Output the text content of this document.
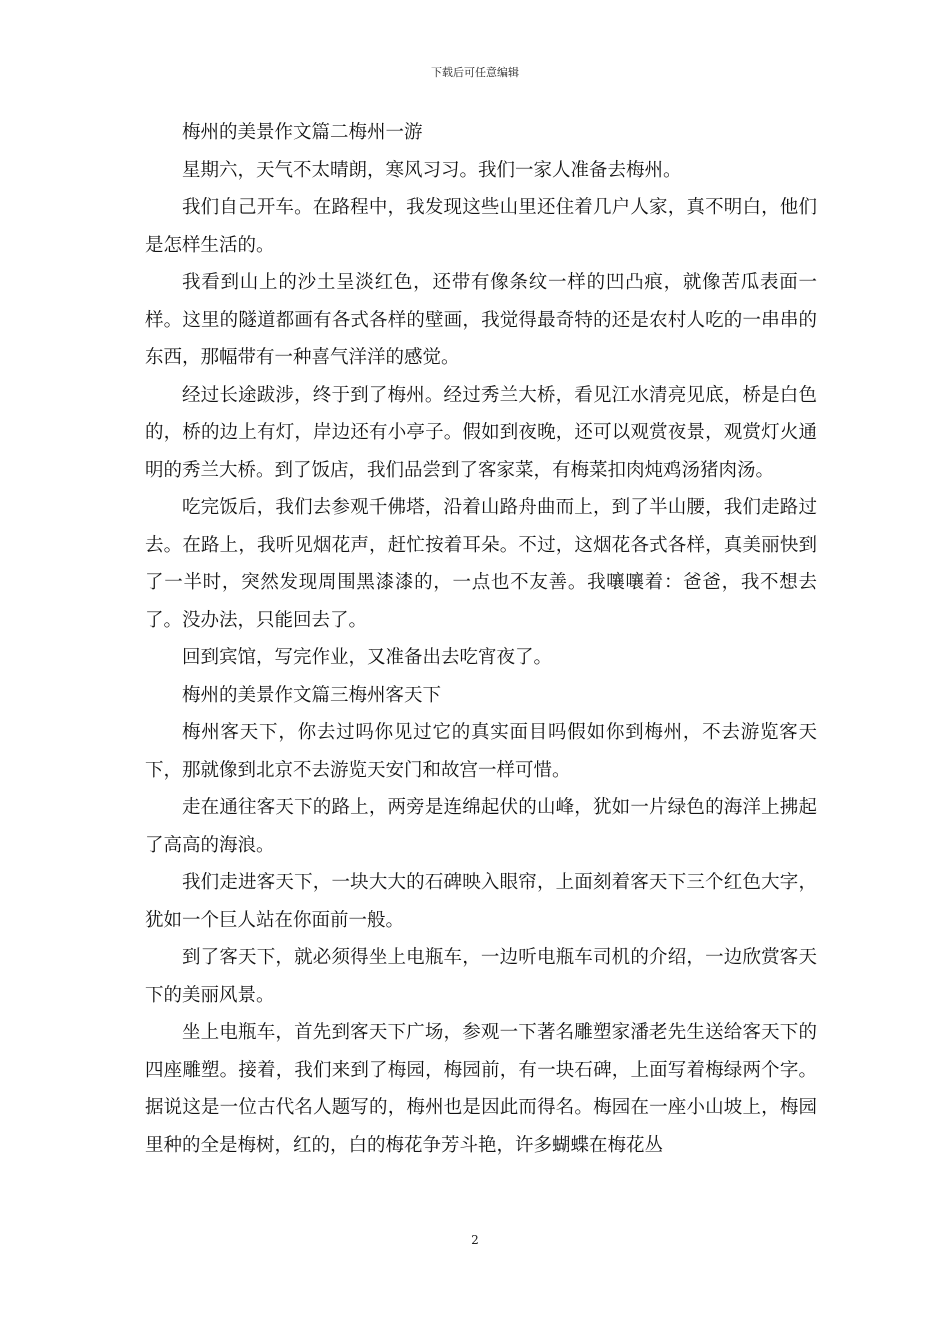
下载后可任意编辑

梅州的美景作文篇二梅州一游

星期六，天气不太晴朗，寒风习习。我们一家人准备去梅州。

我们自己开车。在路程中，我发现这些山里还住着几户人家，真不明白，他们是怎样生活的。

我看到山上的沙土呈淡红色，还带有像条纹一样的凹凸痕，就像苦瓜表面一样。这里的隧道都画有各式各样的壁画，我觉得最奇特的还是农村人吃的一串串的东西，那幅带有一种喜气洋洋的感觉。

经过长途跋涉，终于到了梅州。经过秀兰大桥，看见江水清亮见底，桥是白色的，桥的边上有灯，岸边还有小亭子。假如到夜晚，还可以观赏夜景，观赏灯火通明的秀兰大桥。到了饭店，我们品尝到了客家菜，有梅菜扣肉炖鸡汤猪肉汤。

吃完饭后，我们去参观千佛塔，沿着山路舟曲而上，到了半山腰，我们走路过去。在路上，我听见烟花声，赶忙按着耳朵。不过，这烟花各式各样，真美丽快到了一半时，突然发现周围黑漆漆的，一点也不友善。我嚷嚷着：爸爸，我不想去了。没办法，只能回去了。

回到宾馆，写完作业，又准备出去吃宵夜了。

梅州的美景作文篇三梅州客天下

梅州客天下，你去过吗你见过它的真实面目吗假如你到梅州，不去游览客天下，那就像到北京不去游览天安门和故宫一样可惜。

走在通往客天下的路上，两旁是连绵起伏的山峰，犹如一片绿色的海洋上拂起了高高的海浪。

我们走进客天下，一块大大的石碑映入眼帘，上面刻着客天下三个红色大字，犹如一个巨人站在你面前一般。

到了客天下，就必须得坐上电瓶车，一边听电瓶车司机的介绍，一边欣赏客天下的美丽风景。

坐上电瓶车，首先到客天下广场，参观一下著名雕塑家潘老先生送给客天下的四座雕塑。接着，我们来到了梅园，梅园前，有一块石碑，上面写着梅绿两个字。据说这是一位古代名人题写的，梅州也是因此而得名。梅园在一座小山坡上，梅园里种的全是梅树，红的，白的梅花争芳斗艳，许多蝴蝶在梅花丛

2
